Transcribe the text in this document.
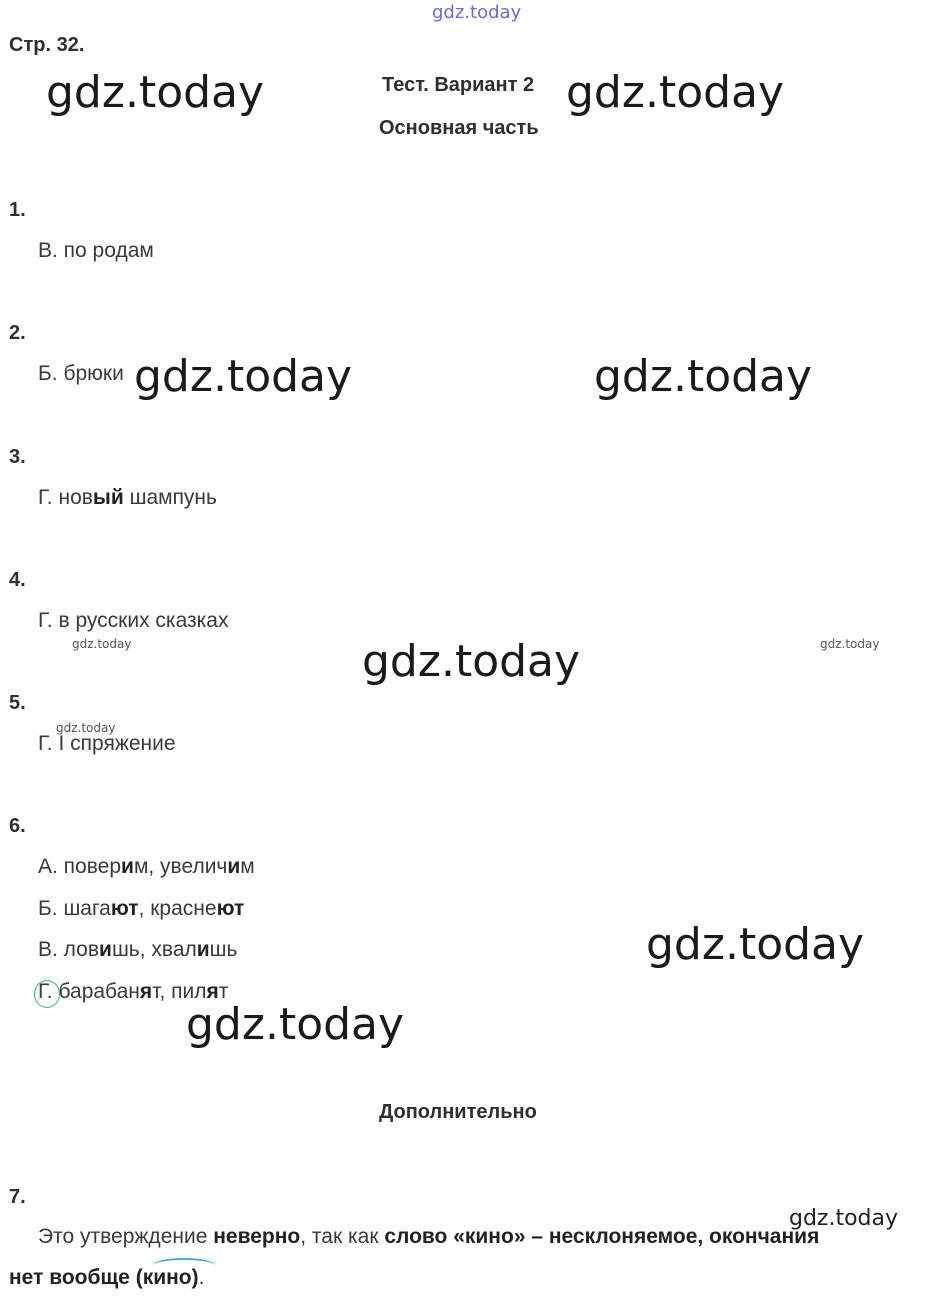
Стр. 32.
Тест. Вариант 2
Основная часть
1.
В. по родам
2.
Б. брюки
3.
Г. новый шампунь
4.
Г. в русских сказках
5.
Г. I спряжение
6.
А. поверим, увеличим
Б. шагают, краснeют
В. ловишь, хвалишь
Г. барабанят, пилят
Дополнительно
7.
Это утверждение неверно, так как слово «кино» – несклоняемое, окончания
нет вообще (кино).
gdz.today
gdz.today	gdz.today
gdz.today	gdz.today
gdz.today	gdz.today
gdz.today
gdz.today
gdz.today
gdz.today
gdz.today
